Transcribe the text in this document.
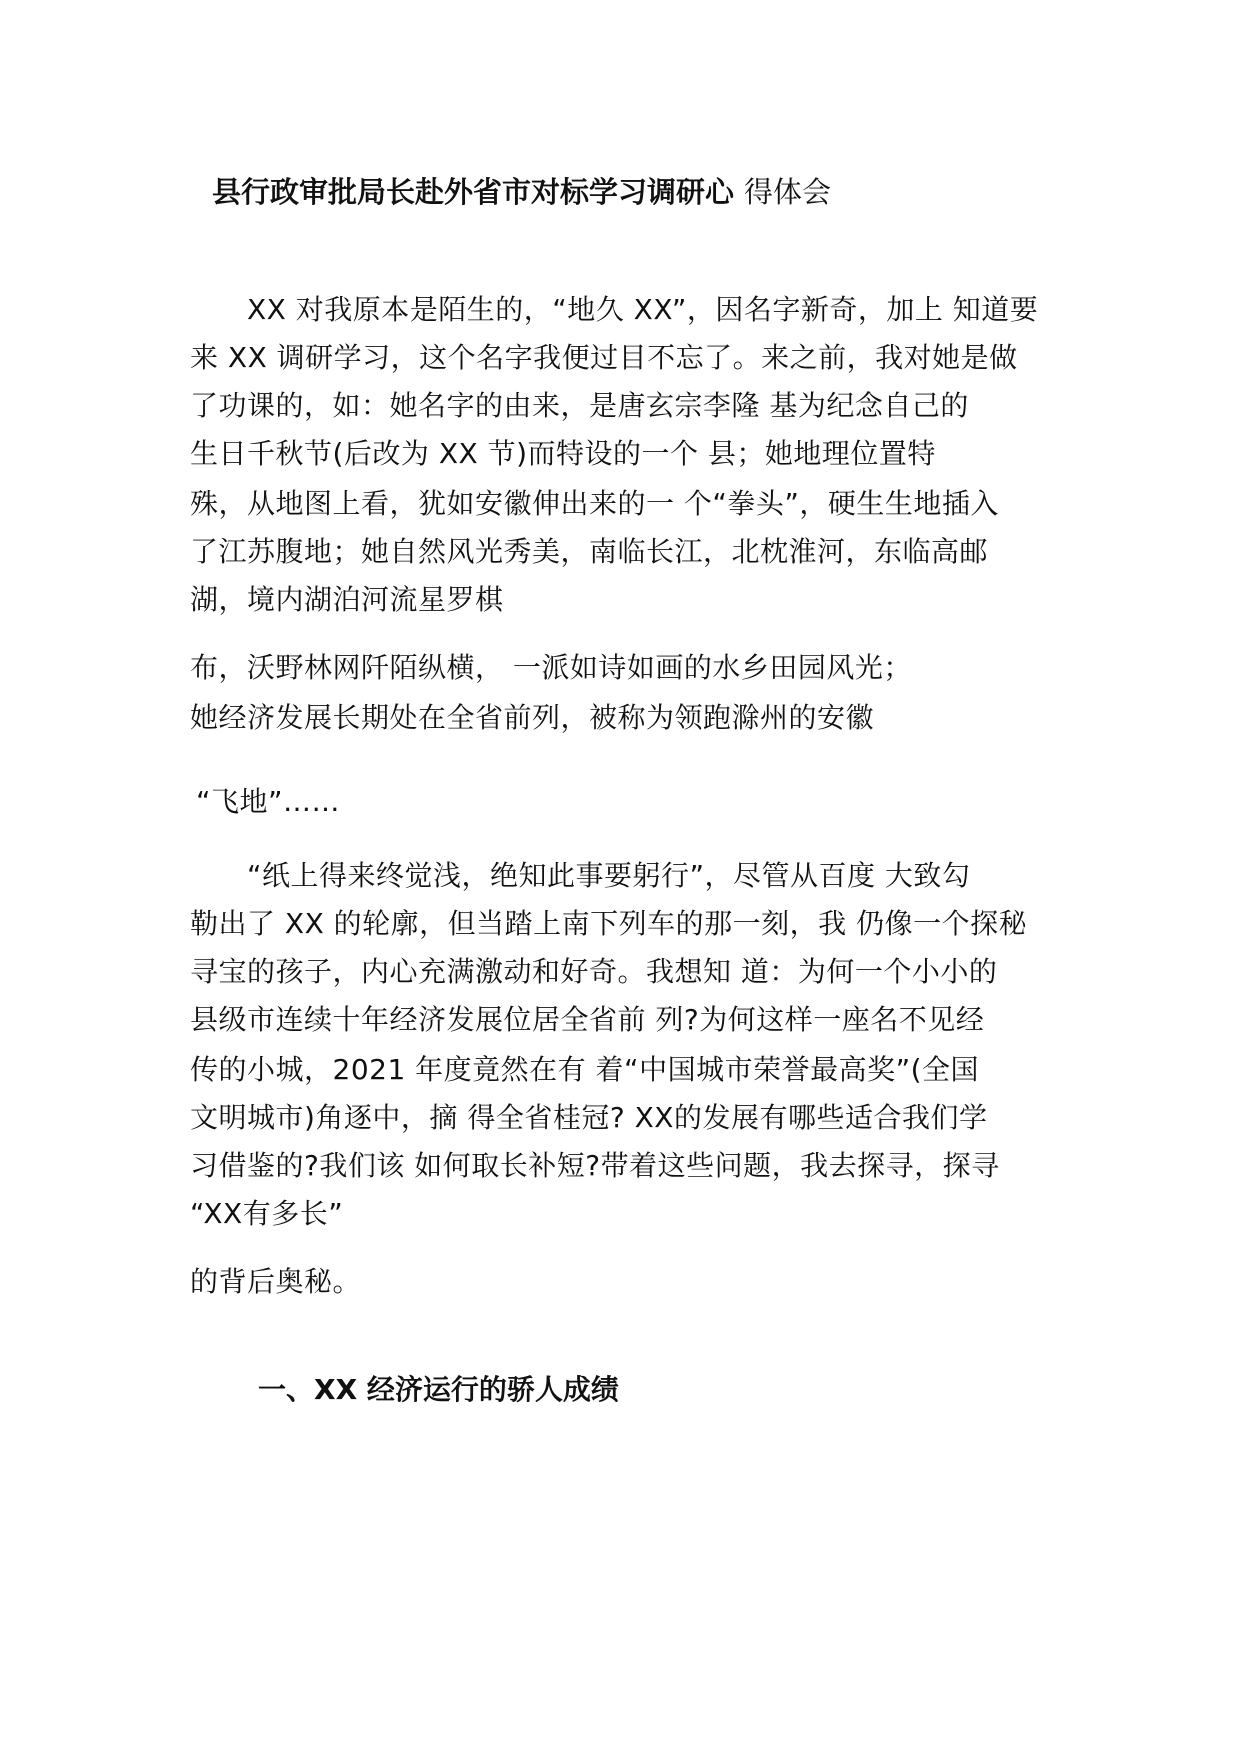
县行政审批局长赴外省市对标学习调研心 得体会
　　XX 对我原本是陌生的，“地久 XX”，因名字新奇，加上 知道要
来 XX 调研学习，这个名字我便过目不忘了。来之前，我对她是做
了功课的，如：她名字的由来，是唐玄宗李隆 基为纪念自己的
生日千秋节(后改为 XX 节)而特设的一个 县；她地理位置特
殊，从地图上看，犹如安徽伸出来的一 个“拳头”，硬生生地插入
了江苏腹地；她自然风光秀美，南临长江，北枕淮河，东临高邮
湖，境内湖泊河流星罗棋
布，沃野林网阡陌纵横， 一派如诗如画的水乡田园风光；
她经济发展长期处在全省前列，被称为领跑滁州的安徽
“飞地”……
　　“纸上得来终觉浅，绝知此事要躬行”，尽管从百度 大致勾
勒出了 XX 的轮廓，但当踏上南下列车的那一刻，我 仍像一个探秘
寻宝的孩子，内心充满激动和好奇。我想知 道：为何一个小小的
县级市连续十年经济发展位居全省前 列?为何这样一座名不见经
传的小城，2021 年度竟然在有 着“中国城市荣誉最高奖”(全国
文明城市)角逐中，摘 得全省桂冠? XX的发展有哪些适合我们学
习借鉴的?我们该 如何取长补短?带着这些问题，我去探寻，探寻
“XX有多长”
的背后奥秘。
一、XX 经济运行的骄人成绩
